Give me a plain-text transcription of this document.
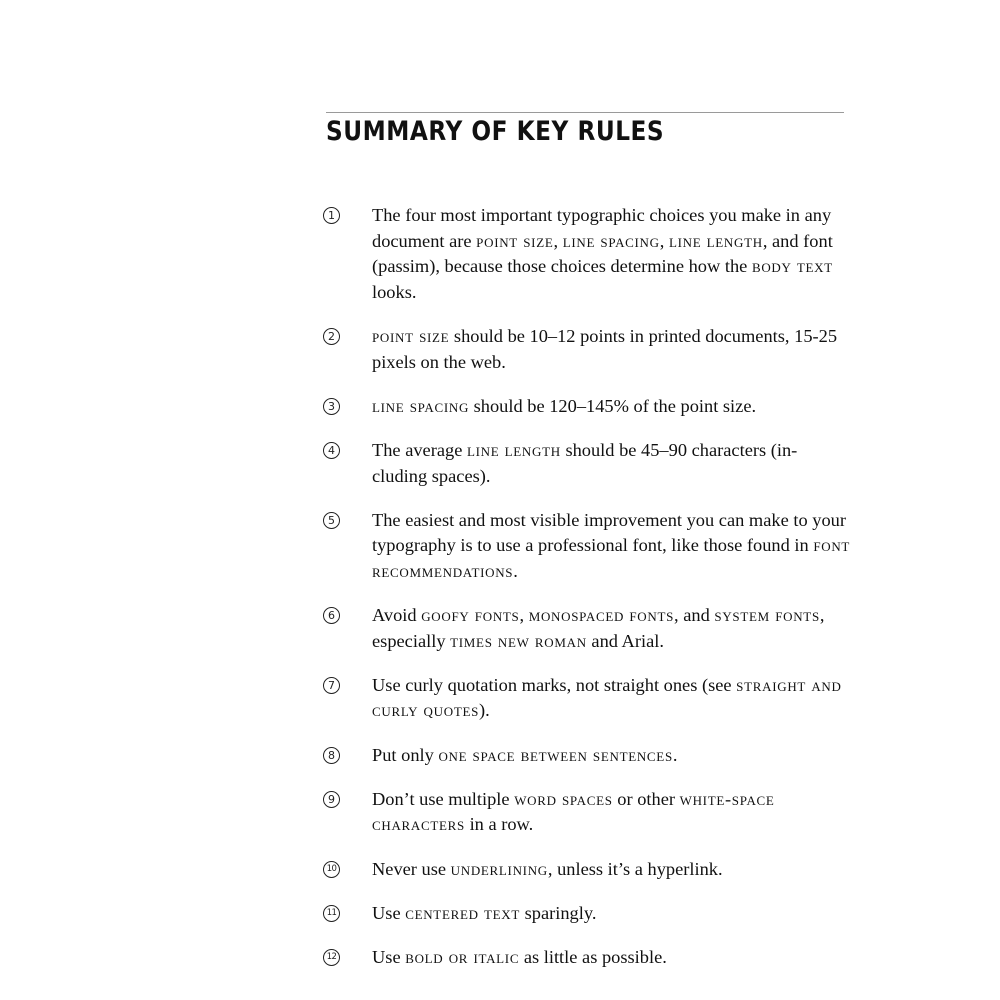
SUMMARY OF KEY RULES
1 The four most important typographic choices you make in any document are point size, line spacing, line length, and font (passim), because those choices determine how the body text looks.
2 point size should be 10–12 points in printed documents, 15-25 pixels on the web.
3 line spacing should be 120–145% of the point size.
4 The average line length should be 45–90 characters (in-cluding spaces).
5 The easiest and most visible improvement you can make to your typography is to use a professional font, like those found in font recommendations.
6 Avoid goofy fonts, monospaced fonts, and system fonts, especially times new roman and Arial.
7 Use curly quotation marks, not straight ones (see straight and curly quotes).
8 Put only one space between sentences.
9 Don’t use multiple word spaces or other white-space characters in a row.
10 Never use underlining, unless it’s a hyperlink.
11 Use centered text sparingly.
12 Use bold or italic as little as possible.
